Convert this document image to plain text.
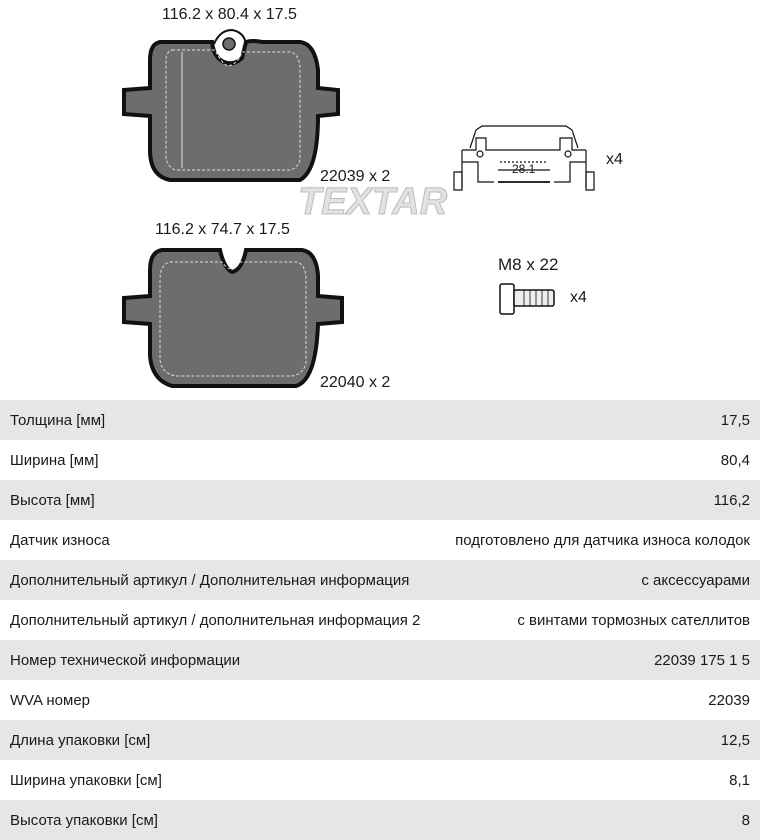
TEXTAR
116.2 x 80.4 x 17.5
22039 x 2
116.2 x 74.7 x 17.5
22040 x 2
28.1
x4
M8 x 22
x4
Толщина [мм]	17,5
Ширина [мм]	80,4
Высота [мм]	116,2
Датчик износа	подготовлено для датчика износа колодок
Дополнительный артикул / Дополнительная информация	с аксессуарами
Дополнительный артикул / дополнительная информация 2	с винтами тормозных сателлитов
Номер технической информации	22039 175 1 5
WVA номер	22039
Длина упаковки [см]	12,5
Ширина упаковки [см]	8,1
Высота упаковки [см]	8
